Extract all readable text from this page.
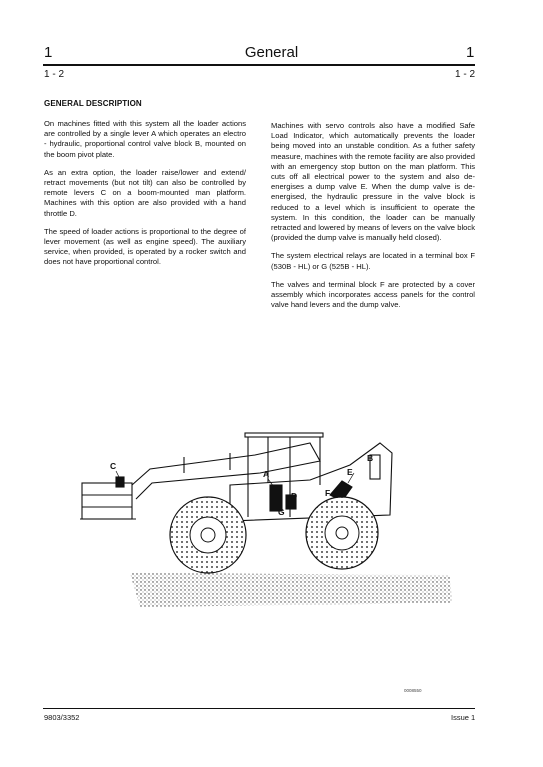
1	General	1
1 - 2	1 - 2
GENERAL DESCRIPTION

On machines fitted with this system all the loader actions are controlled by a single lever A which operates an electro - hydraulic, proportional control valve block B, mounted on the boom pivot plate.

As an extra option, the loader raise/lower and extend/ retract movements (but not tilt) can also be controlled by remote levers C on a boom-mounted man platform. Machines with this option are also provided with a hand throttle D.

The speed of loader actions is proportional to the degree of lever movement (as well as engine speed). The auxiliary service, when provided, is operated by a rocker switch and does not have proportional control.

Machines with servo controls also have a modified Safe Load Indicator, which automatically prevents the loader being moved into an unstable condition. As a futher safety measure, machines with the remote facility are also provided with an emergency stop button on the man platform. This cuts off all electrical power to the system and also de-energises a dump valve E. When the dump valve is de-energised, the hydraulic pressure in the valve block is reduced to a level which is insufficient to operate the system. In this condition, the loader can be manually retracted and lowered by means of levers on the valve block (provided the dump valve is manually held closed).

The system electrical relays are located in a terminal box F (530B - HL) or G (525B - HL).

The valves and terminal block F are protected by a cover assembly which incorporates access panels for the control valve hand levers and the dump valve.

C
A
B
E
D	F
G
0008550
9803/3352	Issue 1
